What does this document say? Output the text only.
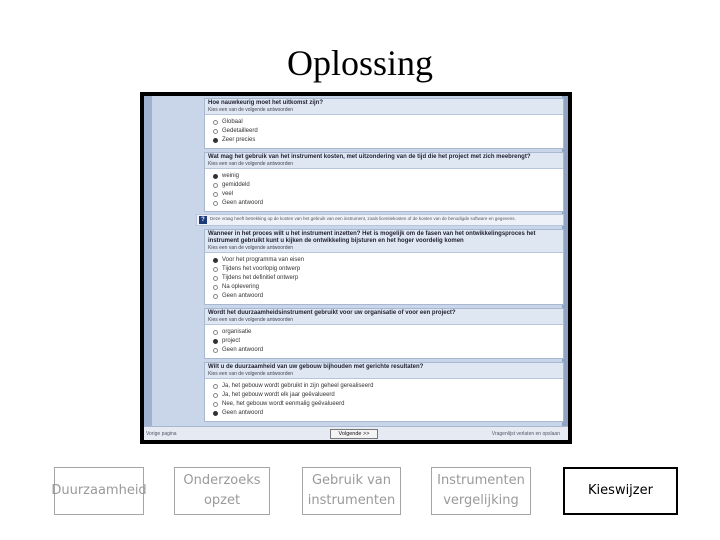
Oplossing
Hoe nauwkeurig moet het uitkomst zijn?
Kies een van de volgende antwoorden
Globaal
Gedetailleerd
Zeer precies
Wat mag het gebruik van het instrument kosten, met uitzondering van de tijd die het project met zich meebrengt?
Kies een van de volgende antwoorden
weinig
gemiddeld
veel
Geen antwoord
?	Deze vraag heeft betrekking op de kosten van het gebruik van een instrument, zoals licentiekosten of de kosten van de benodigde software en gegevens.
Wanneer in het proces wilt u het instrument inzetten? Het is mogelijk om de fasen van het ontwikkelingsproces het instrument gebruikt kunt u kijken de ontwikkeling bijsturen en het hoger voordelig komen
Kies een van de volgende antwoorden
Voor het programma van eisen
Tijdens het voorlopig ontwerp
Tijdens het definitief ontwerp
Na oplevering
Geen antwoord
Wordt het duurzaamheidsinstrument gebruikt voor uw organisatie of voor een project?
Kies een van de volgende antwoorden
organisatie
project
Geen antwoord
Wilt u de duurzaamheid van uw gebouw bijhouden met gerichte resultaten?
Kies een van de volgende antwoorden
Ja, het gebouw wordt gebruikt in zijn geheel gerealiseerd
Ja, het gebouw wordt elk jaar geëvalueerd
Nee, het gebouw wordt eenmalig geëvalueerd
Geen antwoord
Vorige pagina	Volgende >>	Vragenlijst verlaten en opslaan
Duurzaamheid
Onderzoeks
opzet
Gebruik van
instrumenten
Instrumenten
vergelijking
Kieswijzer
